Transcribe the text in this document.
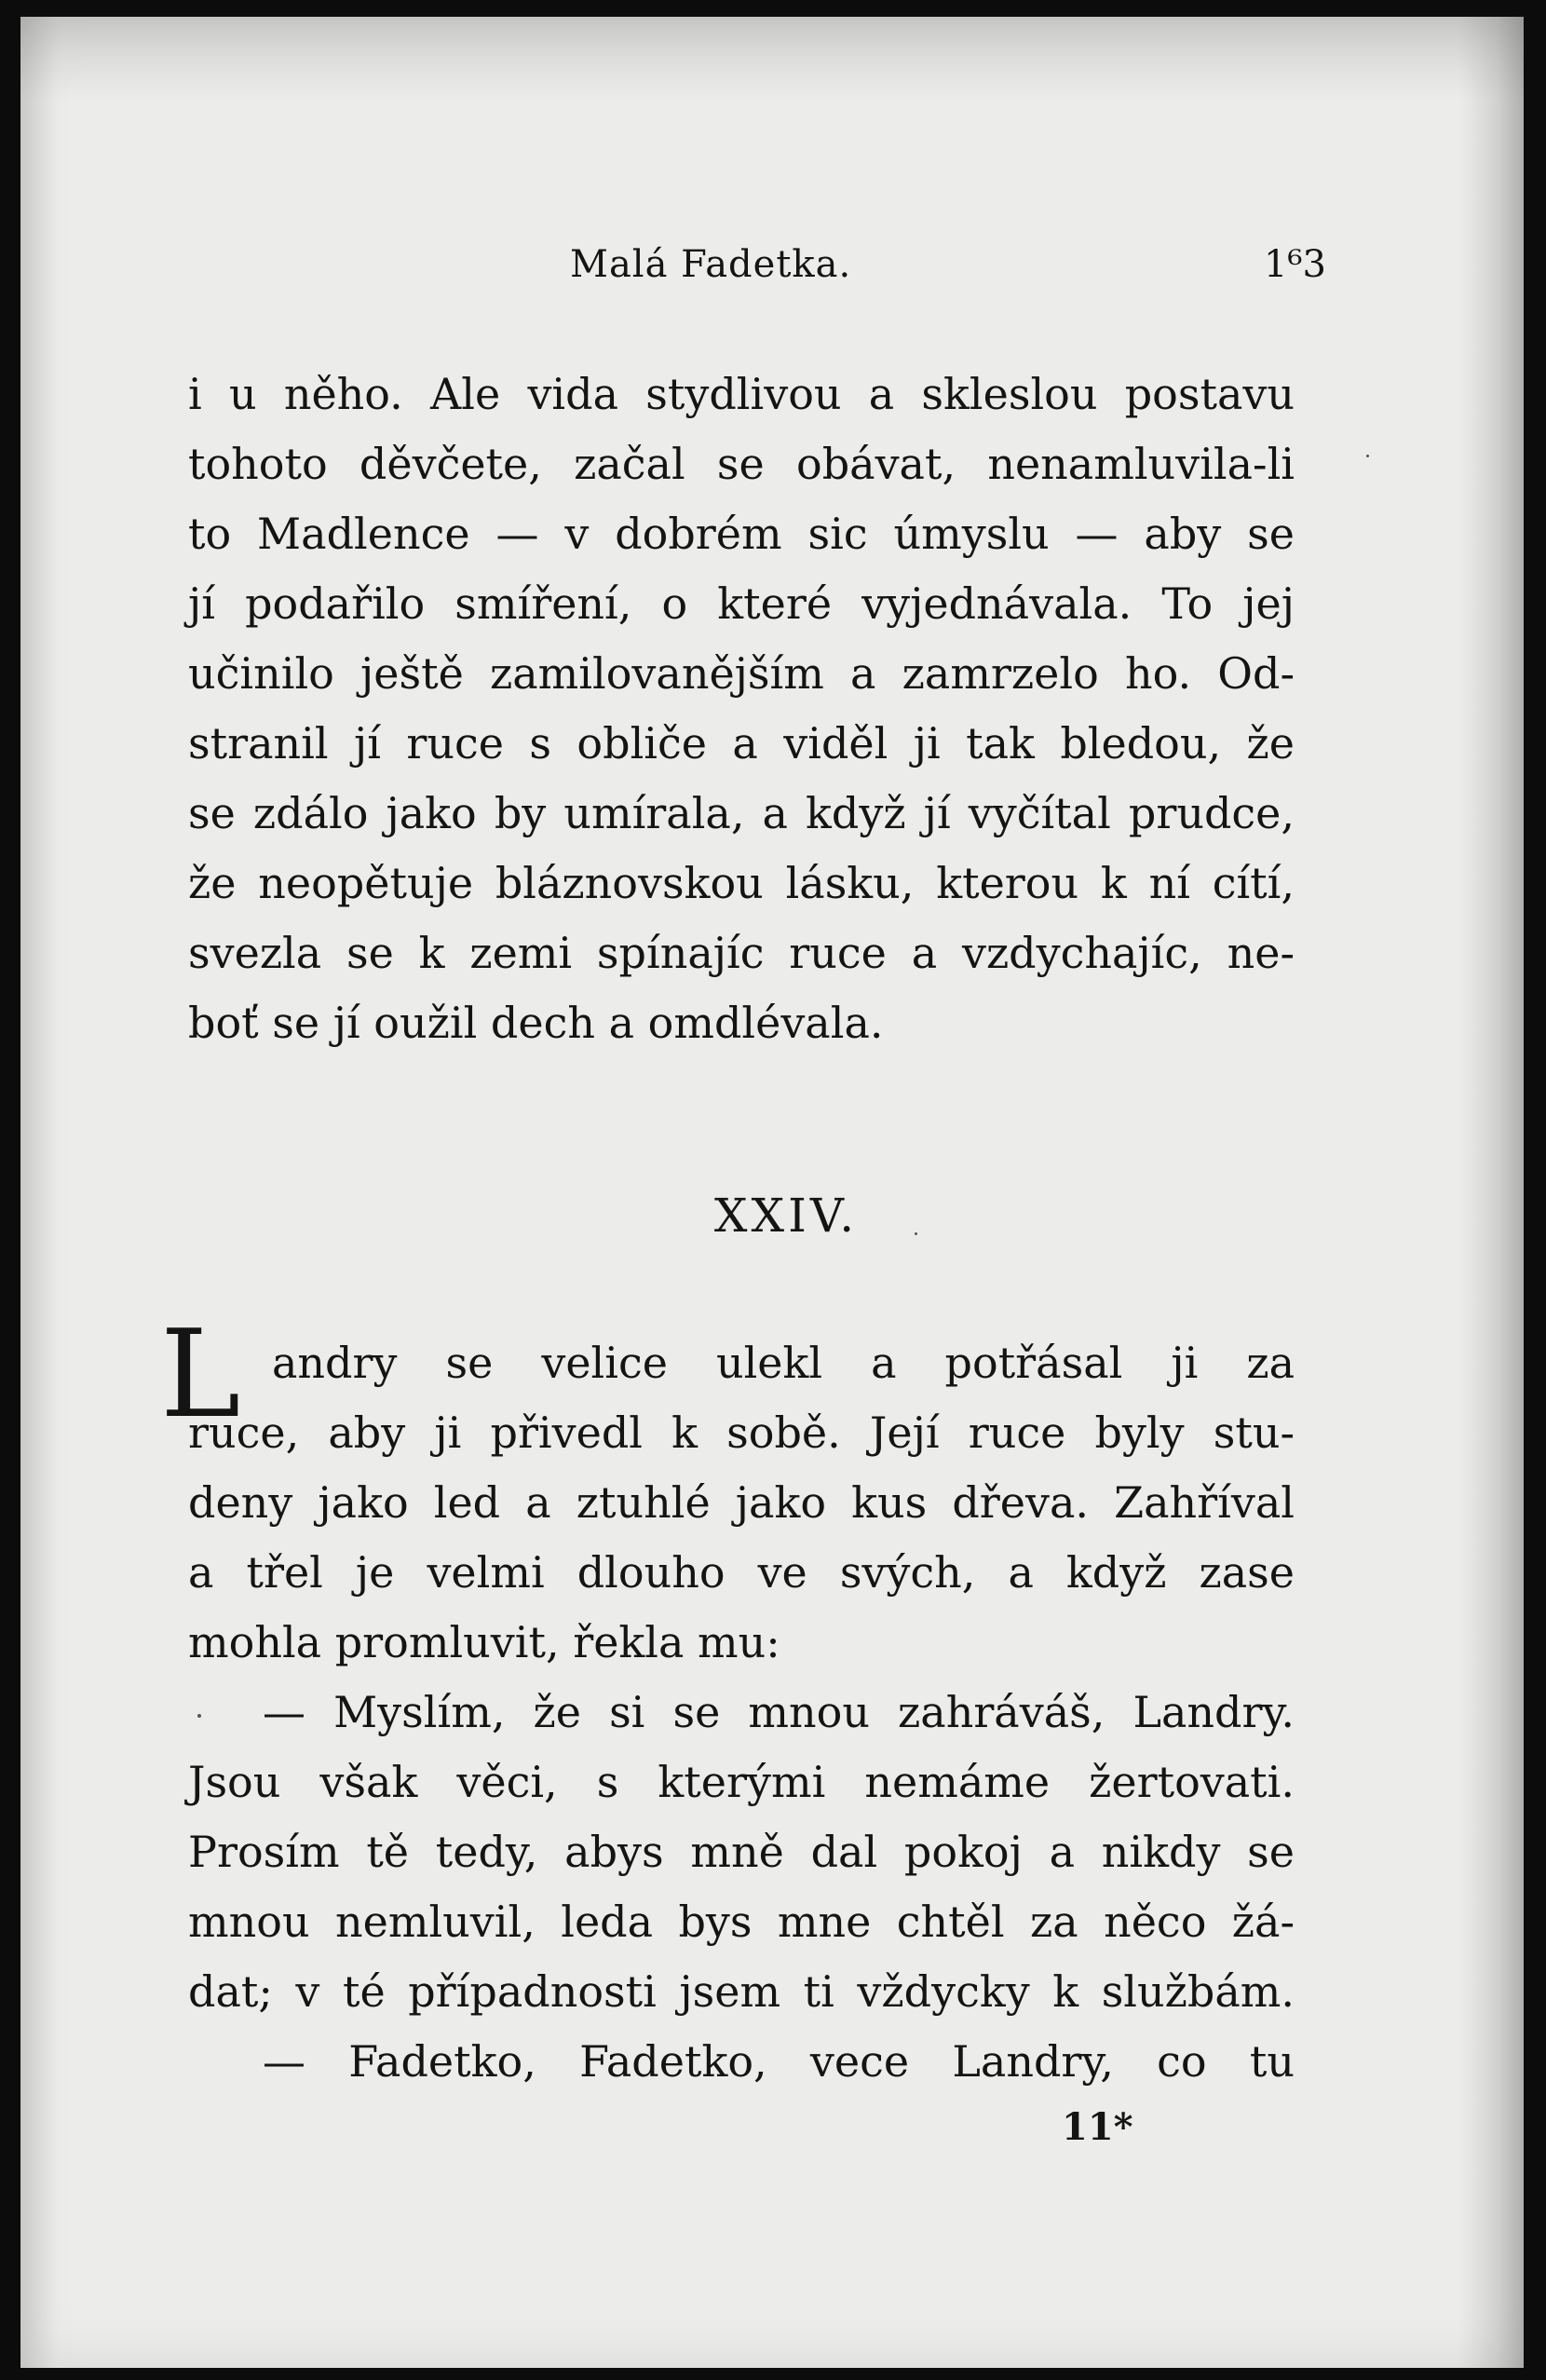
Malá Fadetka.	1⁶3
i u něho. Ale vida stydlivou a skleslou postavu
tohoto děvčete, začal se obávat, nenamluvila-li
to Madlence — v dobrém sic úmyslu — aby se
jí podařilo smíření, o které vyjednávala. To jej
učinilo ještě zamilovanějším a zamrzelo ho. Od-
stranil jí ruce s obliče a viděl ji tak bledou, že
se zdálo jako by umírala, a když jí vyčítal prudce,
že neopětuje bláznovskou lásku, kterou k ní cítí,
svezla se k zemi spínajíc ruce a vzdychajíc, ne-
boť se jí oužil dech a omdlévala.
XXIV.
L andry se velice ulekl a potřásal ji za
ruce, aby ji přivedl k sobě. Její ruce byly stu-
deny jako led a ztuhlé jako kus dřeva. Zahříval
a třel je velmi dlouho ve svých, a když zase
mohla promluvit, řekla mu:
— Myslím, že si se mnou zahráváš, Landry.
Jsou však věci, s kterými nemáme žertovati.
Prosím tě tedy, abys mně dal pokoj a nikdy se
mnou nemluvil, leda bys mne chtěl za něco žá-
dat; v té případnosti jsem ti vždycky k službám.
— Fadetko, Fadetko, vece Landry, co tu
11*
